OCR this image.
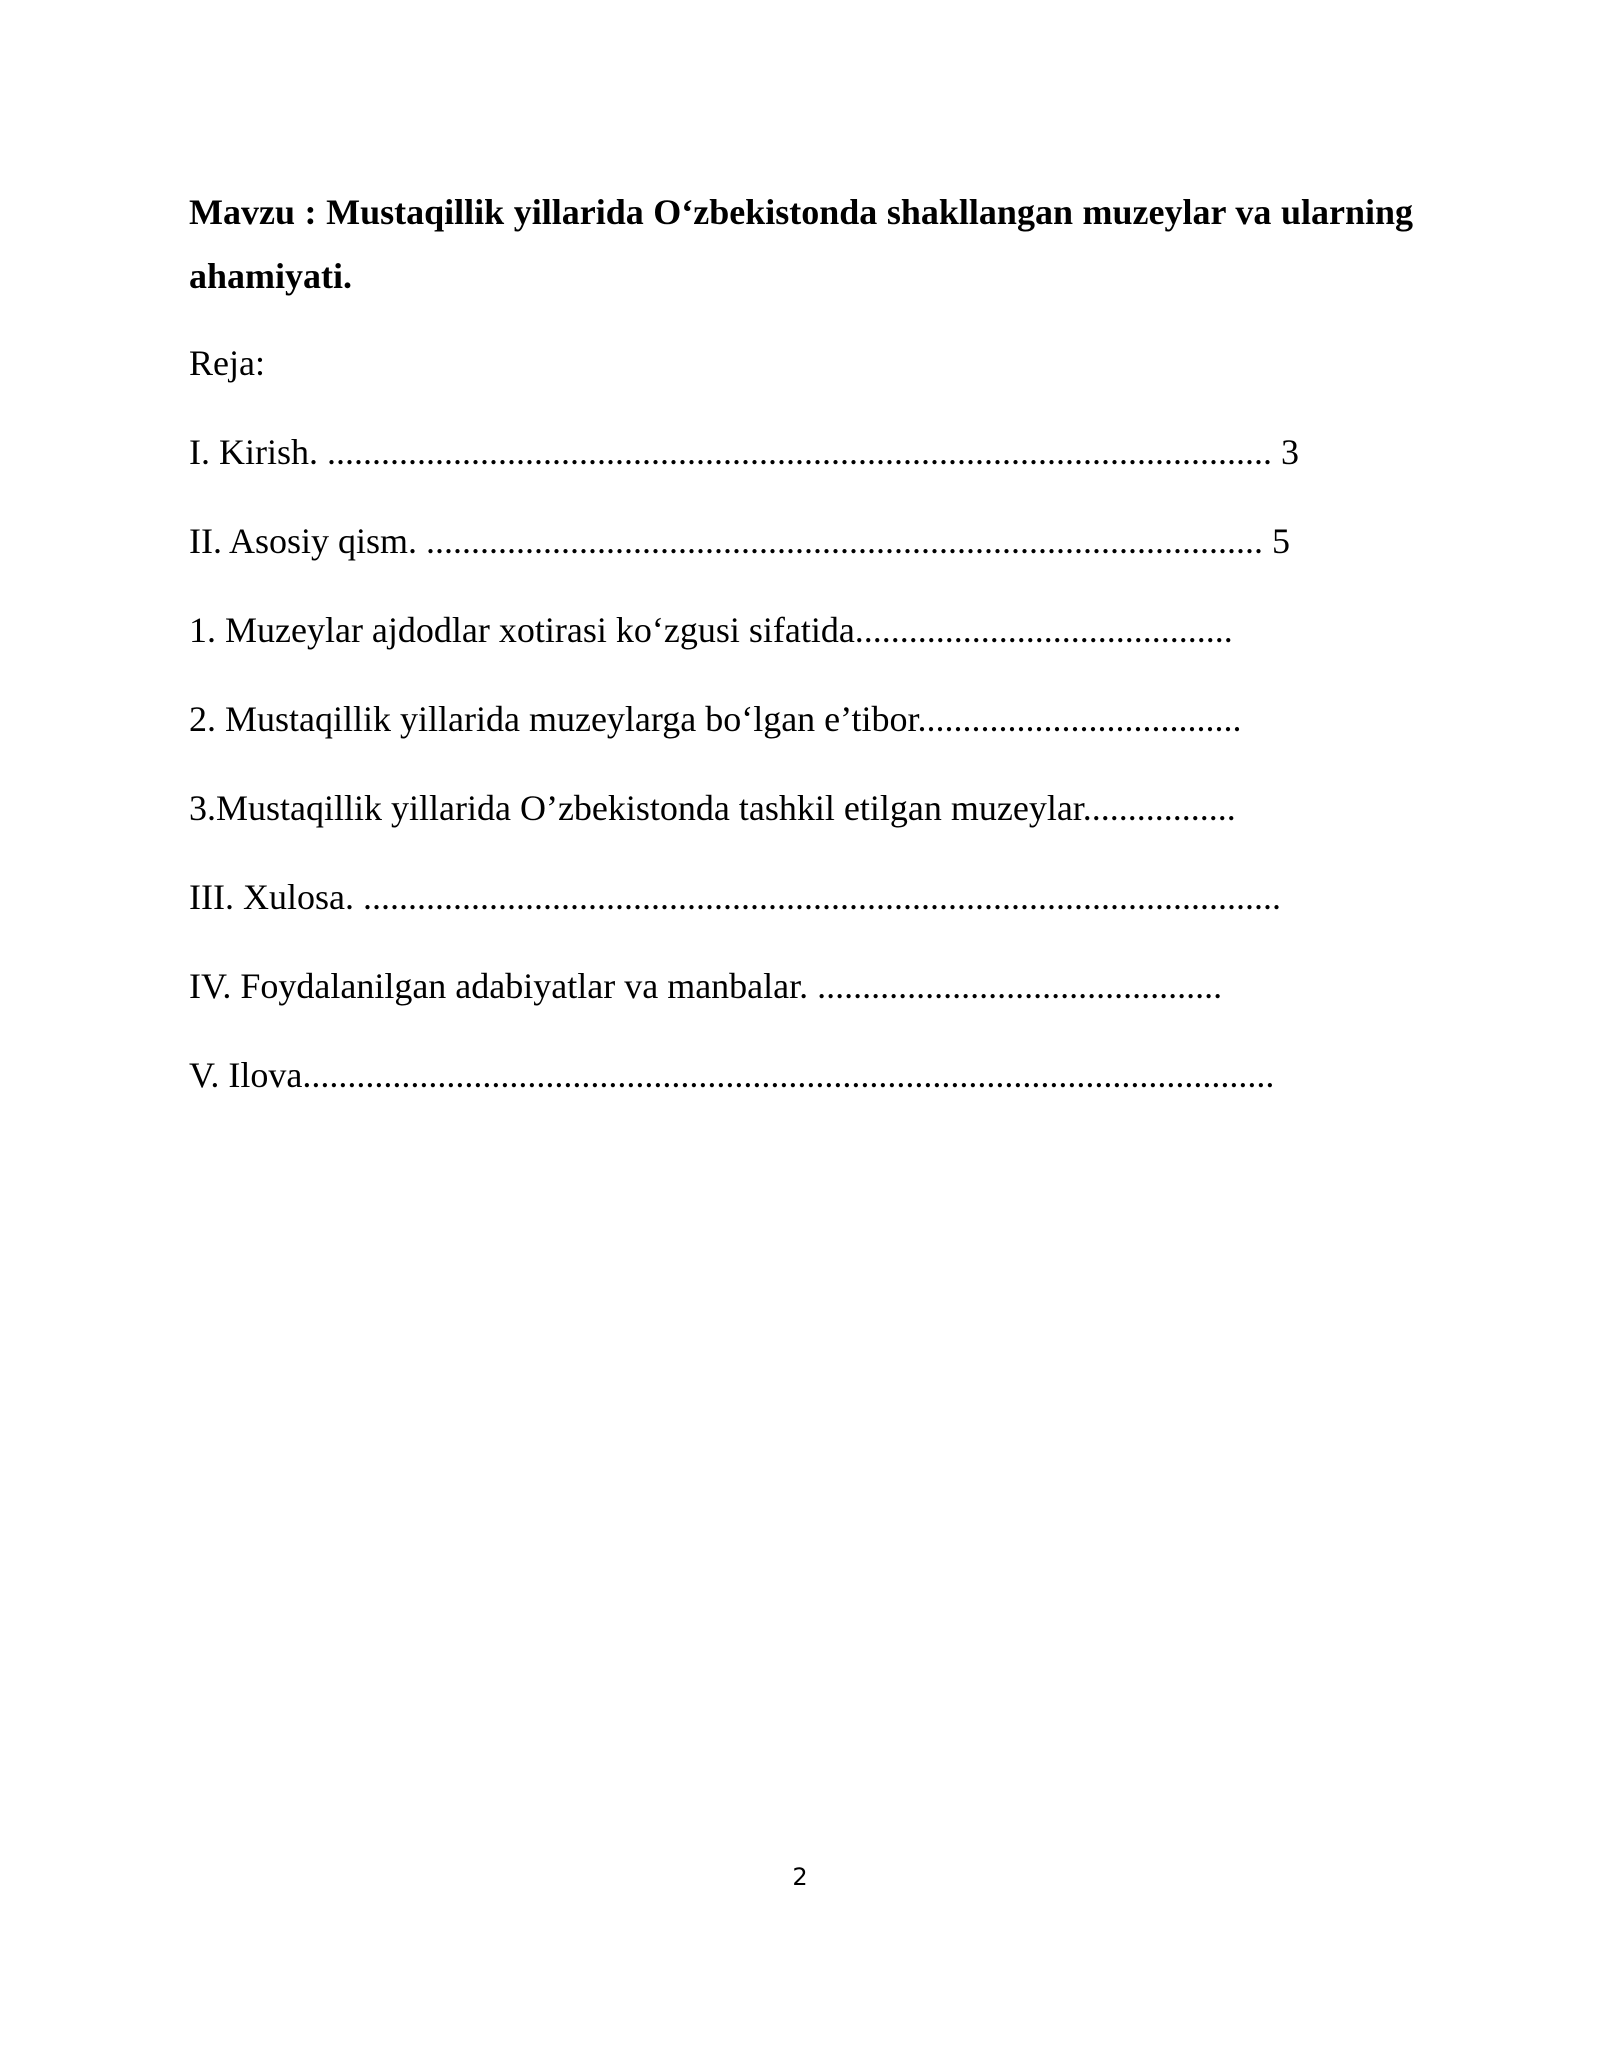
Mavzu : Mustaqillik yillarida O‘zbekistonda shakllangan muzeylar va ularning ahamiyati.

Reja:

I. Kirish. ......................................................................................................... 3
II. Asosiy qism. ............................................................................................. 5
1. Muzeylar ajdodlar xotirasi ko‘zgusi sifatida..........................................
2. Mustaqillik yillarida muzeylarga bo‘lgan e’tibor....................................
3.Mustaqillik yillarida O’zbekistonda tashkil etilgan muzeylar.................
III. Xulosa. ......................................................................................................
IV. Foydalanilgan adabiyatlar va manbalar. .............................................
V. Ilova............................................................................................................
2
